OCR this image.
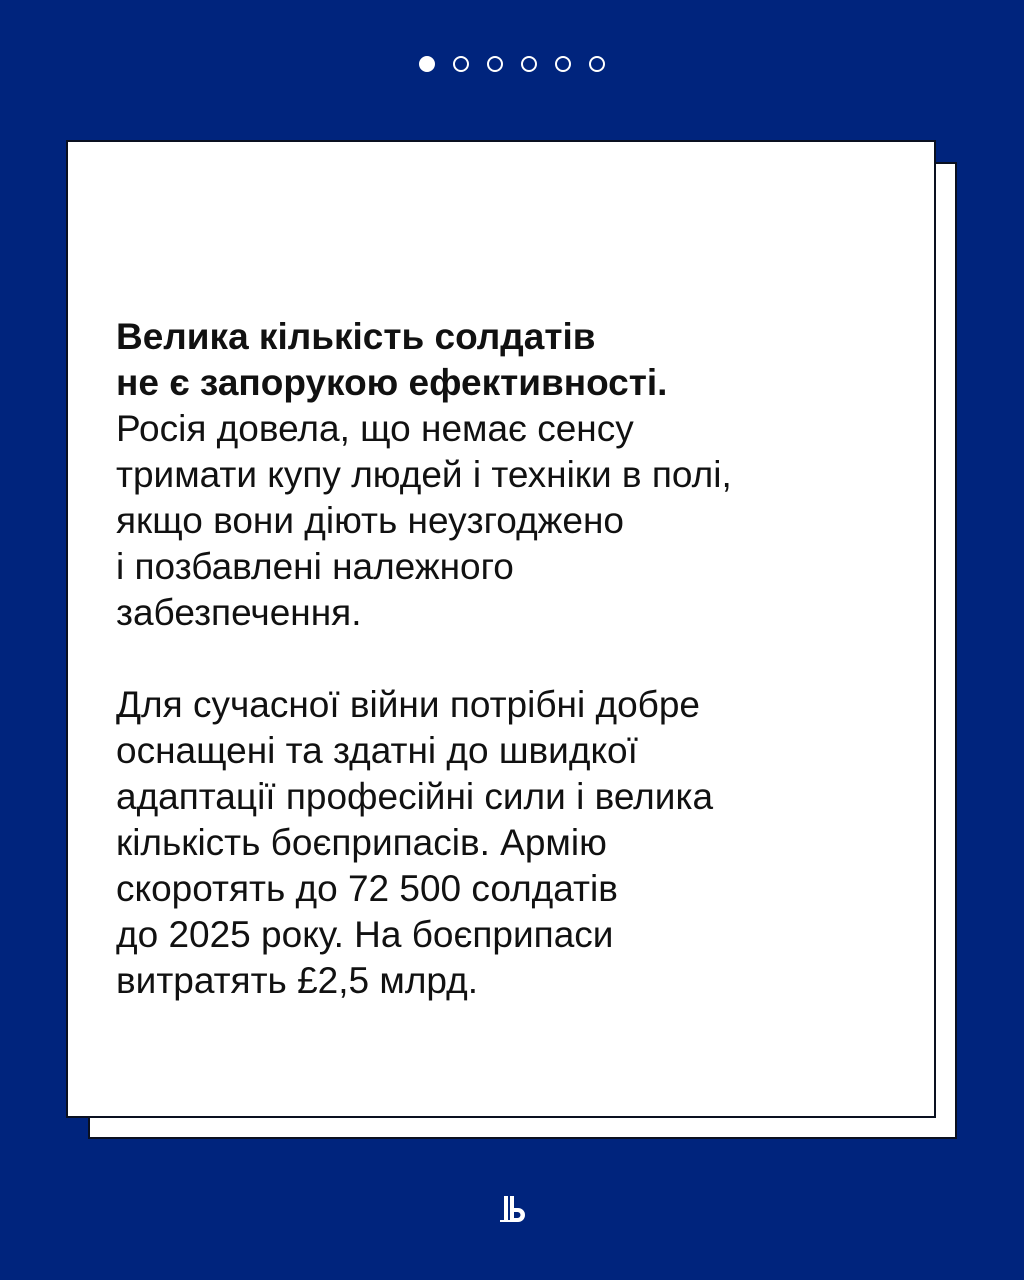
Велика кількість солдатів
не є запорукою ефективності.

Росія довела, що немає сенсу
тримати купу людей і техніки в полі,
якщо вони діють неузгоджено
і позбавлені належного
забезпечення.

Для сучасної війни потрібні добре
оснащені та здатні до швидкої
адаптації професійні сили і велика
кількість боєприпасів. Армію
скоротять до 72 500 солдатів
до 2025 року. На боєприпаси
витратять £2,5 млрд.
